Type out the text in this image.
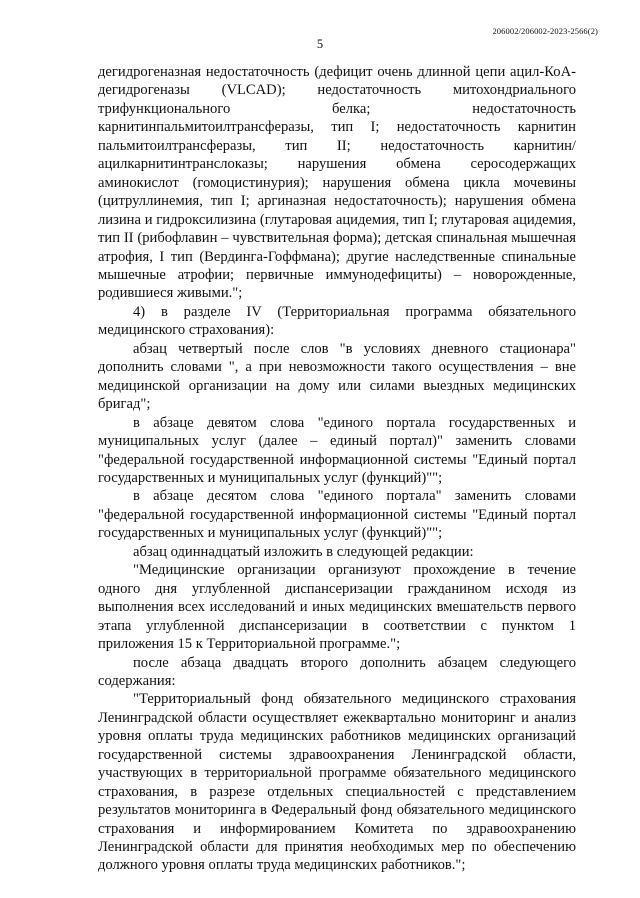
206002/206002-2023-2566(2)
5

дегидрогеназная недостаточность (дефицит очень длинной цепи ацил-КоА-дегидрогеназы (VLCAD); недостаточность митохондриального трифункционального белка; недостаточность карнитинпальмитоилтрансферазы, тип I; недостаточность карнитин пальмитоилтрансферазы, тип II; недостаточность карнитин/ ацилкарнитинтранслоказы; нарушения обмена серосодержащих аминокислот (гомоцистинурия); нарушения обмена цикла мочевины (цитруллинемия, тип I; аргиназная недостаточность); нарушения обмена лизина и гидроксилизина (глутаровая ацидемия, тип I; глутаровая ацидемия, тип II (рибофлавин – чувствительная форма); детская спинальная мышечная атрофия, I тип (Вердинга-Гоффмана); другие наследственные спинальные мышечные атрофии; первичные иммунодефициты) – новорожденные, родившиеся живыми.";

4) в разделе IV (Территориальная программа обязательного медицинского страхования):

абзац четвертый после слов "в условиях дневного стационара" дополнить словами ", а при невозможности такого осуществления – вне медицинской организации на дому или силами выездных медицинских бригад";

в абзаце девятом слова "единого портала государственных и муниципальных услуг (далее – единый портал)" заменить словами "федеральной государственной информационной системы "Единый портал государственных и муниципальных услуг (функций)"";

в абзаце десятом слова "единого портала" заменить словами "федеральной государственной информационной системы "Единый портал государственных и муниципальных услуг (функций)"";

абзац одиннадцатый изложить в следующей редакции:

"Медицинские организации организуют прохождение в течение одного дня углубленной диспансеризации гражданином исходя из выполнения всех исследований и иных медицинских вмешательств первого этапа углубленной диспансеризации в соответствии с пунктом 1 приложения 15 к Территориальной программе.";

после абзаца двадцать второго дополнить абзацем следующего содержания:

"Территориальный фонд обязательного медицинского страхования Ленинградской области осуществляет ежеквартально мониторинг и анализ уровня оплаты труда медицинских работников медицинских организаций государственной системы здравоохранения Ленинградской области, участвующих в территориальной программе обязательного медицинского страхования, в разрезе отдельных специальностей с представлением результатов мониторинга в Федеральный фонд обязательного медицинского страхования и информированием Комитета по здравоохранению Ленинградской области для принятия необходимых мер по обеспечению должного уровня оплаты труда медицинских работников.";
